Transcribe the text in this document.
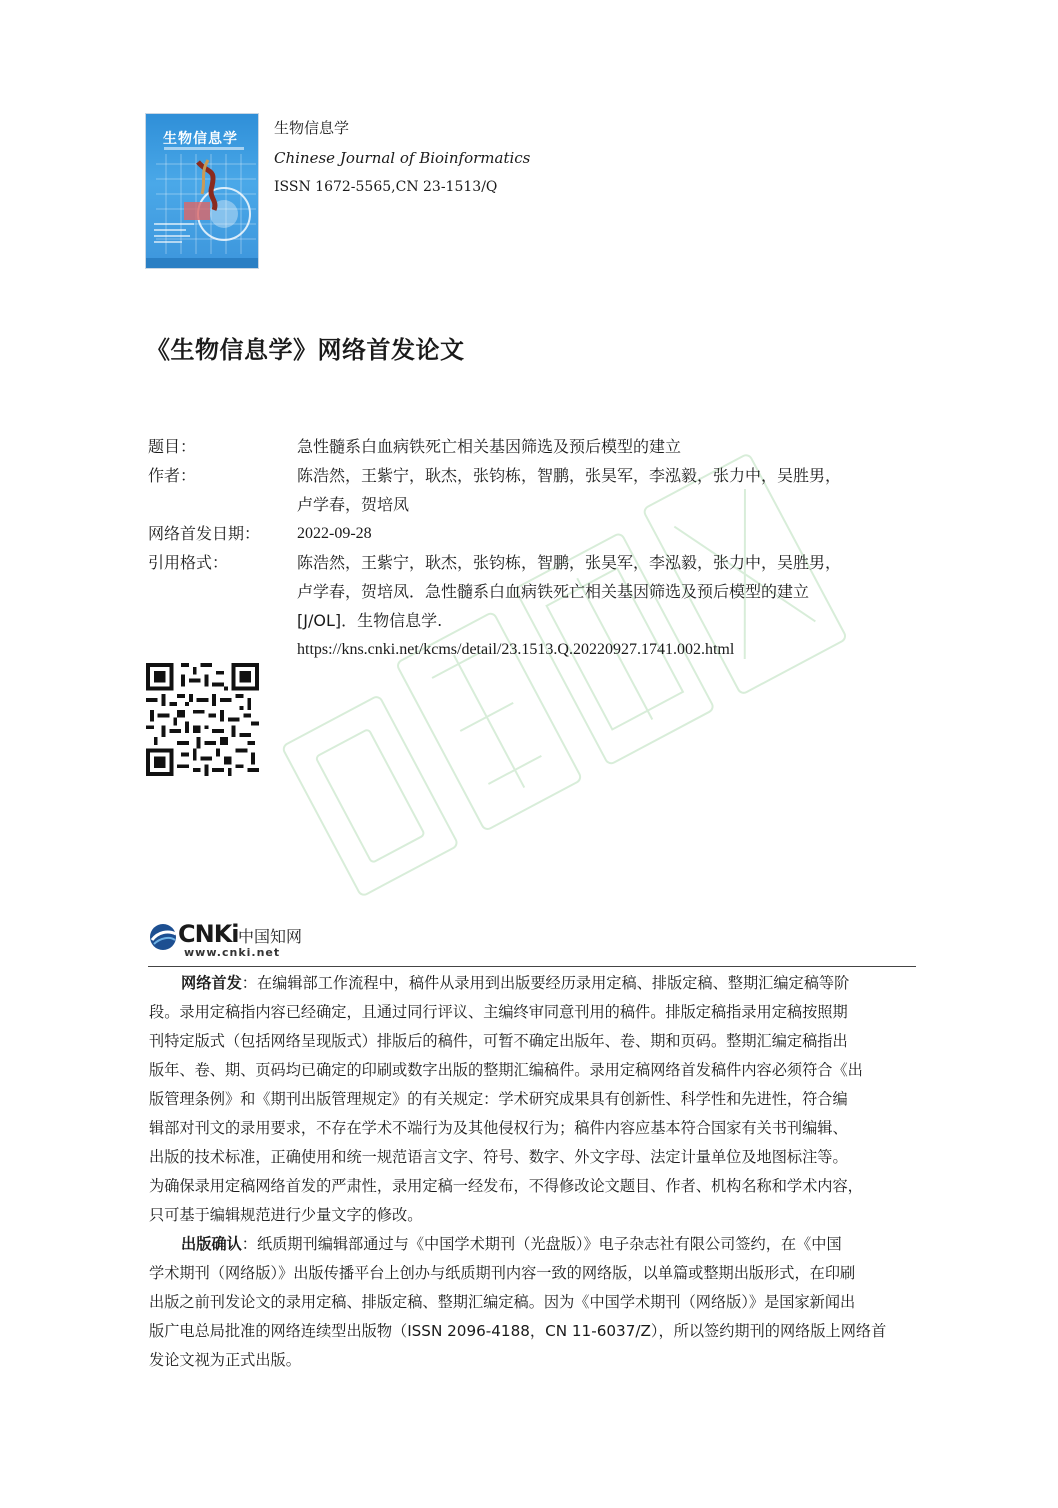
生物信息学
生物信息学
Chinese Journal of Bioinformatics
ISSN 1672-5565,CN 23-1513/Q
《生物信息学》网络首发论文
题目：	急性髓系白血病铁死亡相关基因筛选及预后模型的建立
作者：	陈浩然，王紫宁，耿杰，张钧栋，智鹏，张昊军，李泓毅，张力中，吴胜男，
卢学春，贺培凤
网络首发日期：	2022-09-28
引用格式：	陈浩然，王紫宁，耿杰，张钧栋，智鹏，张昊军，李泓毅，张力中，吴胜男，
卢学春，贺培凤．急性髓系白血病铁死亡相关基因筛选及预后模型的建立
[J/OL]．生物信息学.
https://kns.cnki.net/kcms/detail/23.1513.Q.20220927.1741.002.html
CNKi 中国知网
www.cnki.net
网络首发：在编辑部工作流程中，稿件从录用到出版要经历录用定稿、排版定稿、整期汇编定稿等阶
段。录用定稿指内容已经确定，且通过同行评议、主编终审同意刊用的稿件。排版定稿指录用定稿按照期
刊特定版式（包括网络呈现版式）排版后的稿件，可暂不确定出版年、卷、期和页码。整期汇编定稿指出
版年、卷、期、页码均已确定的印刷或数字出版的整期汇编稿件。录用定稿网络首发稿件内容必须符合《出
版管理条例》和《期刊出版管理规定》的有关规定：学术研究成果具有创新性、科学性和先进性，符合编
辑部对刊文的录用要求，不存在学术不端行为及其他侵权行为；稿件内容应基本符合国家有关书刊编辑、
出版的技术标准，正确使用和统一规范语言文字、符号、数字、外文字母、法定计量单位及地图标注等。
为确保录用定稿网络首发的严肃性，录用定稿一经发布，不得修改论文题目、作者、机构名称和学术内容，
只可基于编辑规范进行少量文字的修改。
出版确认：纸质期刊编辑部通过与《中国学术期刊（光盘版）》电子杂志社有限公司签约，在《中国
学术期刊（网络版）》出版传播平台上创办与纸质期刊内容一致的网络版，以单篇或整期出版形式，在印刷
出版之前刊发论文的录用定稿、排版定稿、整期汇编定稿。因为《中国学术期刊（网络版）》是国家新闻出
版广电总局批准的网络连续型出版物（ISSN 2096-4188，CN 11-6037/Z），所以签约期刊的网络版上网络首
发论文视为正式出版。
